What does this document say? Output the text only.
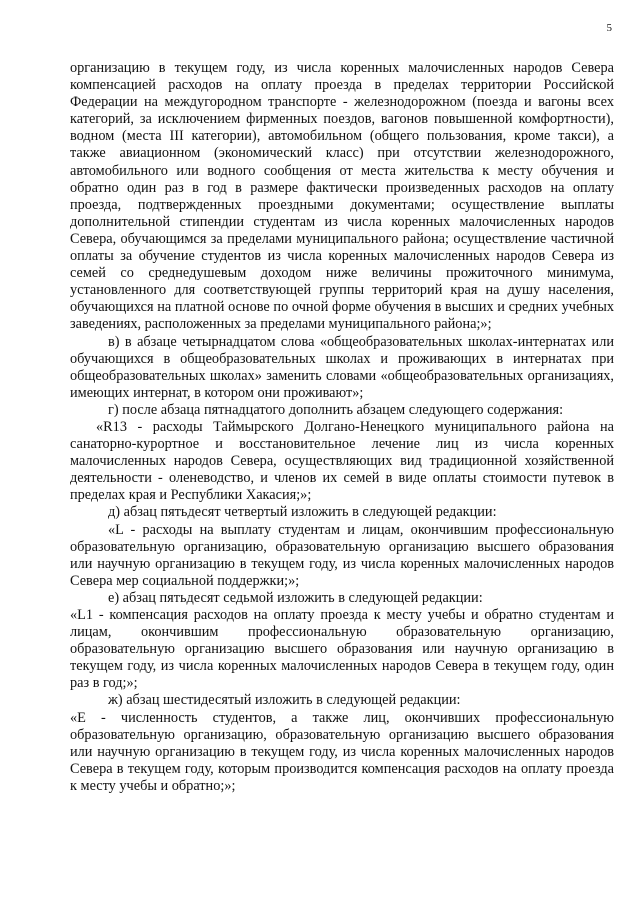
5

организацию в текущем году, из числа коренных малочисленных народов Севера компенсацией расходов на оплату проезда в пределах территории Российской Федерации на междугородном транспорте - железнодорожном (поезда и вагоны всех категорий, за исключением фирменных поездов, вагонов повышенной комфортности), водном (места III категории), автомобильном (общего пользования, кроме такси), а также авиационном (экономический класс) при отсутствии железнодорожного, автомобильного или водного сообщения от места жительства к месту обучения и обратно один раз в год в размере фактически произведенных расходов на оплату проезда, подтвержденных проездными документами; осуществление выплаты дополнительной стипендии студентам из числа коренных малочисленных народов Севера, обучающимся за пределами муниципального района; осуществление частичной оплаты за обучение студентов из числа коренных малочисленных народов Севера из семей со среднедушевым доходом ниже величины прожиточного минимума, установленного для соответствующей группы территорий края на душу населения, обучающихся на платной основе по очной форме обучения в высших и средних учебных заведениях, расположенных за пределами муниципального района;»;

в) в абзаце четырнадцатом слова «общеобразовательных школах-интернатах или обучающихся в общеобразовательных школах и проживающих в интернатах при общеобразовательных школах» заменить словами «общеобразовательных организациях, имеющих интернат, в котором они проживают»;

г) после абзаца пятнадцатого дополнить абзацем следующего содержания:

«R13 - расходы Таймырского Долгано-Ненецкого муниципального района на санаторно-курортное и восстановительное лечение лиц из числа коренных малочисленных народов Севера, осуществляющих вид традиционной хозяйственной деятельности - оленеводство, и членов их семей в виде оплаты стоимости путевок в пределах края и Республики Хакасия;»;

д) абзац пятьдесят четвертый изложить в следующей редакции:

«L - расходы на выплату студентам и лицам, окончившим профессиональную образовательную организацию, образовательную организацию высшего образования или научную организацию в текущем году, из числа коренных малочисленных народов Севера мер социальной поддержки;»;

е) абзац пятьдесят седьмой изложить в следующей редакции:

«L1 - компенсация расходов на оплату проезда к месту учебы и обратно студентам и лицам, окончившим профессиональную образовательную организацию, образовательную организацию высшего образования или научную организацию в текущем году, из числа коренных малочисленных народов Севера в текущем году, один раз в год;»;

ж) абзац шестидесятый изложить в следующей редакции:

«E - численность студентов, а также лиц, окончивших профессиональную образовательную организацию, образовательную организацию высшего образования или научную организацию в текущем году, из числа коренных малочисленных народов Севера в текущем году, которым производится компенсация расходов на оплату проезда к месту учебы и обратно;»;
